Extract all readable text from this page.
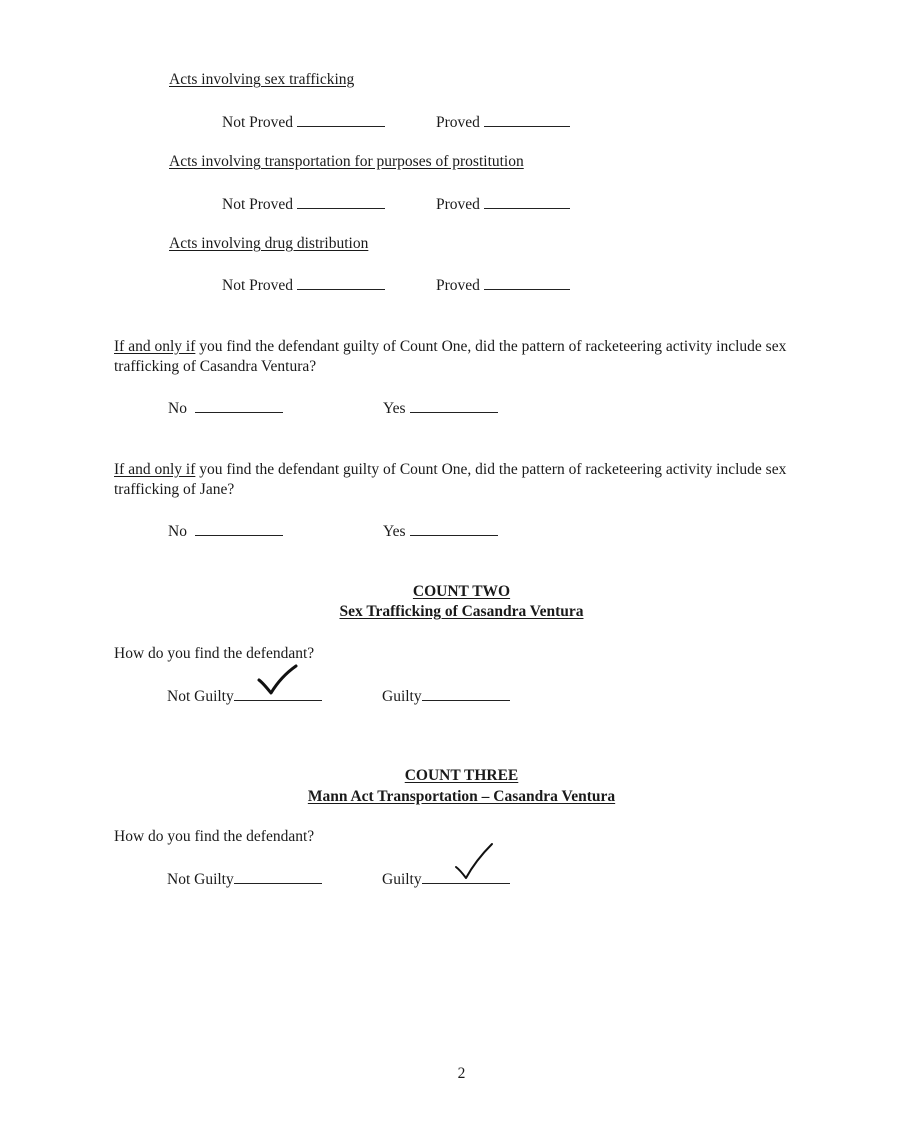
Acts involving sex trafficking
Not Proved	Proved
Acts involving transportation for purposes of prostitution
Not Proved	Proved
Acts involving drug distribution
Not Proved	Proved
If and only if you find the defendant guilty of Count One, did the pattern of racketeering activity include sex trafficking of Casandra Ventura?
No	Yes
If and only if you find the defendant guilty of Count One, did the pattern of racketeering activity include sex trafficking of Jane?
No	Yes
COUNT TWO
Sex Trafficking of Casandra Ventura
How do you find the defendant?
Not Guilty	Guilty
COUNT THREE
Mann Act Transportation – Casandra Ventura
How do you find the defendant?
Not Guilty	Guilty
2
